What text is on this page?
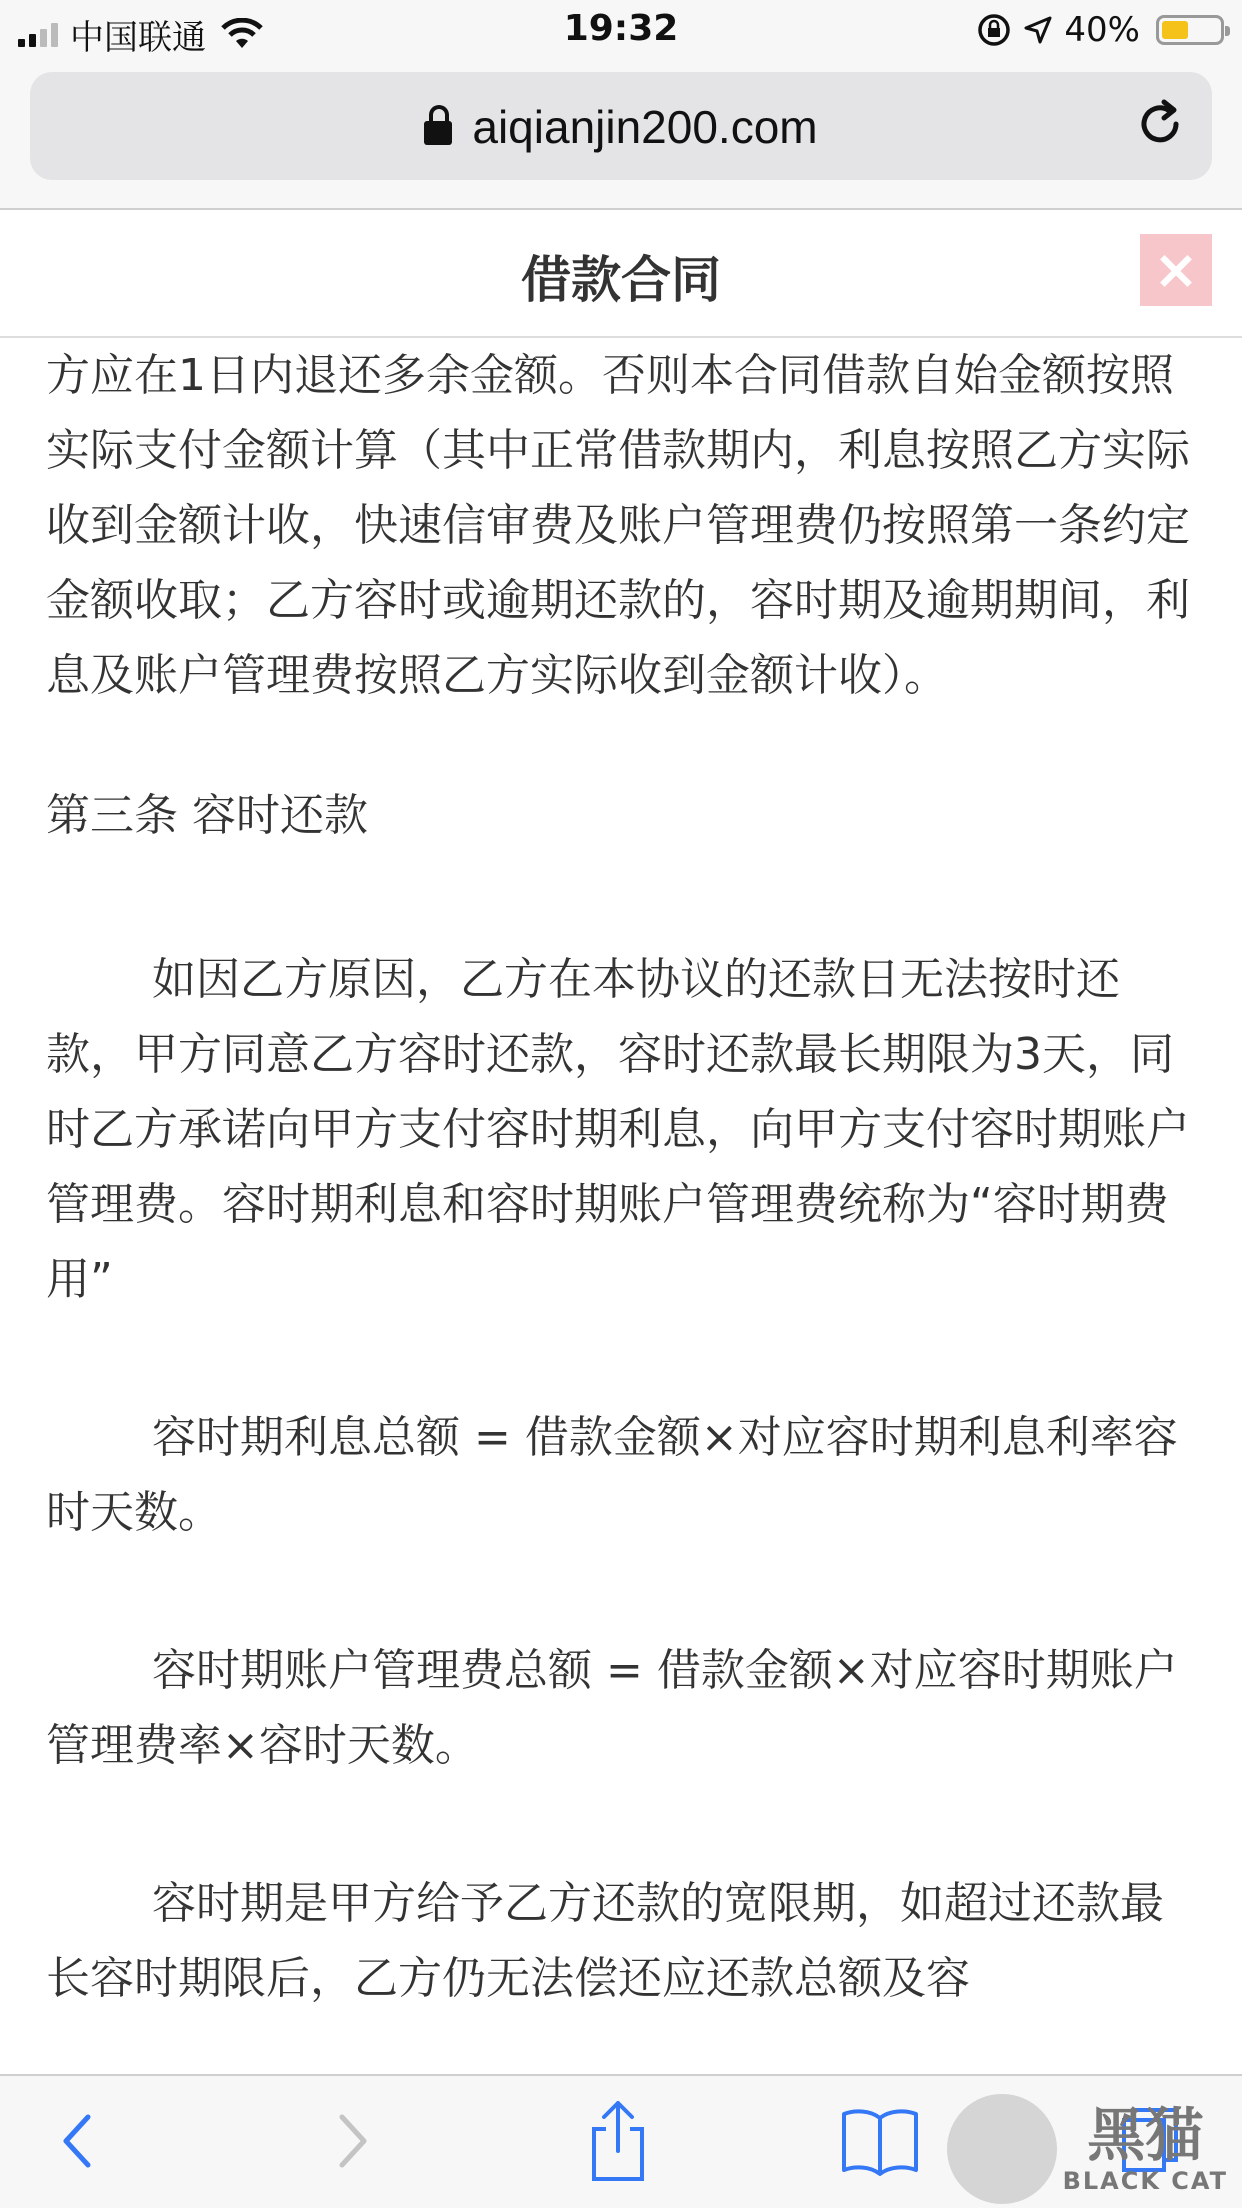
中国联通	19:32	40%
aiqianjin200.com
借款合同	×

方应在1日内退还多余金额。否则本合同借款自始金额按照实际支付金额计算（其中正常借款期内，利息按照乙方实际收到金额计收，快速信审费及账户管理费仍按照第一条约定金额收取；乙方容时或逾期还款的，容时期及逾期期间，利息及账户管理费按照乙方实际收到金额计收）。

第三条 容时还款

如因乙方原因，乙方在本协议的还款日无法按时还款，甲方同意乙方容时还款，容时还款最长期限为3天，同时乙方承诺向甲方支付容时期利息，向甲方支付容时期账户管理费。容时期利息和容时期账户管理费统称为“容时期费用”

容时期利息总额 = 借款金额×对应容时期利息利率容时天数。

容时期账户管理费总额 = 借款金额×对应容时期账户管理费率×容时天数。

容时期是甲方给予乙方还款的宽限期，如超过还款最长容时期限后，乙方仍无法偿还应还款总额及容

黑猫
BLACK CAT
